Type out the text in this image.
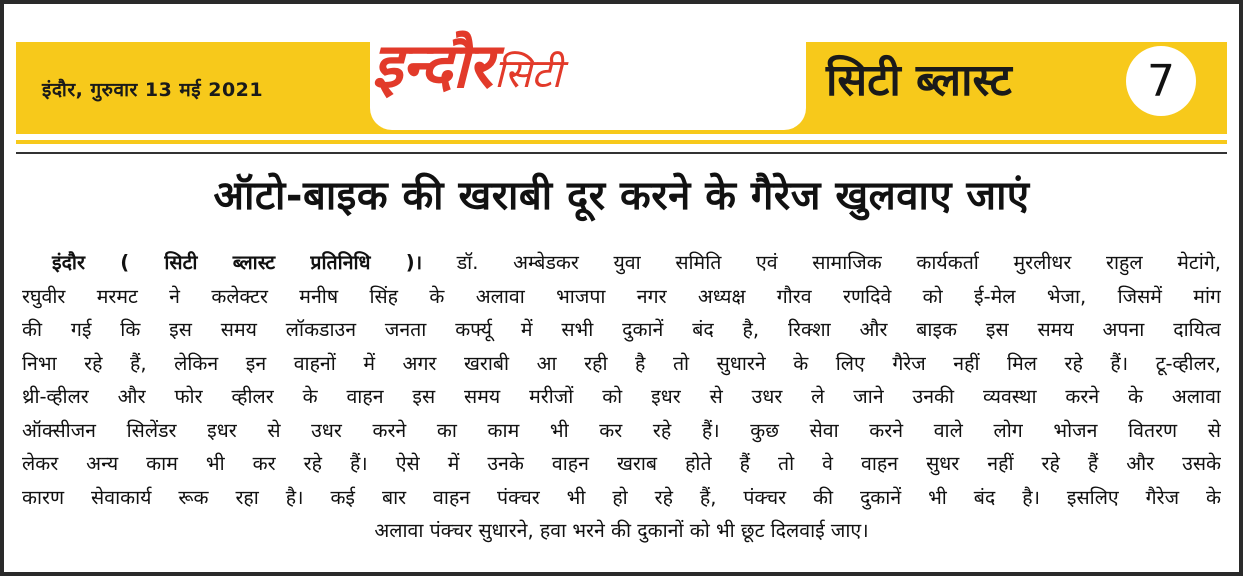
इंदौर, गुरुवार 13 मई 2021 इन्दौरसिटी	सिटी ब्लास्ट	7
ऑटो-बाइक की खराबी दूर करने के गैरेज खुलवाए जाएं
इंदौर ( सिटी ब्लास्ट प्रतिनिधि )। डॉ. अम्बेडकर युवा समिति एवं सामाजिक कार्यकर्ता मुरलीधर राहुल मेटांगे,
रघुवीर मरमट ने कलेक्टर मनीष सिंह के अलावा भाजपा नगर अध्यक्ष गौरव रणदिवे को ई-मेल भेजा, जिसमें मांग
की गई कि इस समय लॉकडाउन जनता कर्फ्यू में सभी दुकानें बंद है, रिक्शा और बाइक इस समय अपना दायित्व
निभा रहे हैं, लेकिन इन वाहनों में अगर खराबी आ रही है तो सुधारने के लिए गैरेज नहीं मिल रहे हैं। टू-व्हीलर,
थ्री-व्हीलर और फोर व्हीलर के वाहन इस समय मरीजों को इधर से उधर ले जाने उनकी व्यवस्था करने के अलावा
ऑक्सीजन सिलेंडर इधर से उधर करने का काम भी कर रहे हैं। कुछ सेवा करने वाले लोग भोजन वितरण से
लेकर अन्य काम भी कर रहे हैं। ऐसे में उनके वाहन खराब होते हैं तो वे वाहन सुधर नहीं रहे हैं और उसके
कारण सेवाकार्य रूक रहा है। कई बार वाहन पंक्चर भी हो रहे हैं, पंक्चर की दुकानें भी बंद है। इसलिए गैरेज के
अलावा पंक्चर सुधारने, हवा भरने की दुकानों को भी छूट दिलवाई जाए।
